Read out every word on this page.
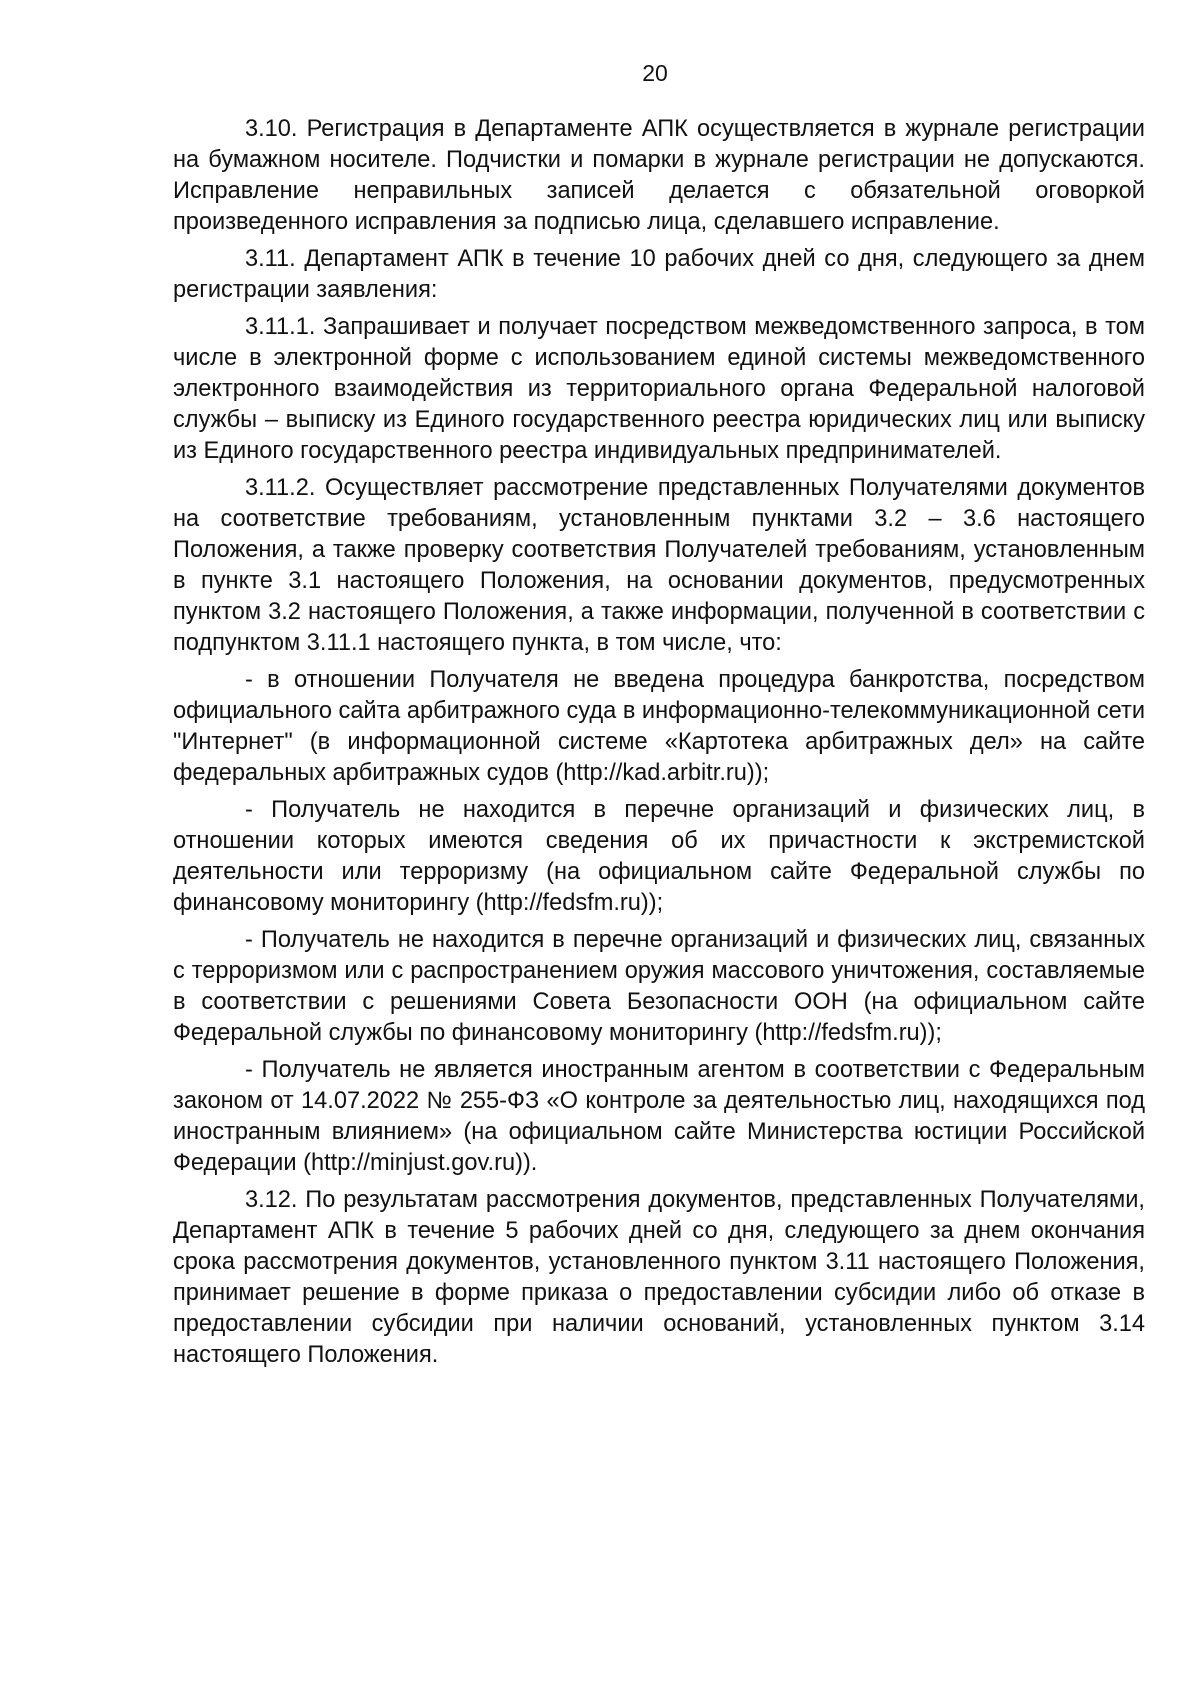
20

3.10. Регистрация в Департаменте АПК осуществляется в журнале регистрации на бумажном носителе. Подчистки и помарки в журнале регистрации не допускаются. Исправление неправильных записей делается с обязательной оговоркой произведенного исправления за подписью лица, сделавшего исправление.

3.11. Департамент АПК в течение 10 рабочих дней со дня, следующего за днем регистрации заявления:

3.11.1. Запрашивает и получает посредством межведомственного запроса, в том числе в электронной форме с использованием единой системы межведомственного электронного взаимодействия из территориального органа Федеральной налоговой службы – выписку из Единого государственного реестра юридических лиц или выписку из Единого государственного реестра индивидуальных предпринимателей.

3.11.2. Осуществляет рассмотрение представленных Получателями документов на соответствие требованиям, установленным пунктами 3.2 – 3.6 настоящего Положения, а также проверку соответствия Получателей требованиям, установленным в пункте 3.1 настоящего Положения, на основании документов, предусмотренных пунктом 3.2 настоящего Положения, а также информации, полученной в соответствии с подпунктом 3.11.1 настоящего пункта, в том числе, что:

- в отношении Получателя не введена процедура банкротства, посредством официального сайта арбитражного суда в информационно-телекоммуникационной сети "Интернет" (в информационной системе «Картотека арбитражных дел» на сайте федеральных арбитражных судов (http://kad.arbitr.ru));

- Получатель не находится в перечне организаций и физических лиц, в отношении которых имеются сведения об их причастности к экстремистской деятельности или терроризму (на официальном сайте Федеральной службы по финансовому мониторингу (http://fedsfm.ru));

- Получатель не находится в перечне организаций и физических лиц, связанных с терроризмом или с распространением оружия массового уничтожения, составляемые в соответствии с решениями Совета Безопасности ООН (на официальном сайте Федеральной службы по финансовому мониторингу (http://fedsfm.ru));

- Получатель не является иностранным агентом в соответствии с Федеральным законом от 14.07.2022 № 255-ФЗ «О контроле за деятельностью лиц, находящихся под иностранным влиянием» (на официальном сайте Министерства юстиции Российской Федерации (http://minjust.gov.ru)).

3.12. По результатам рассмотрения документов, представленных Получателями, Департамент АПК в течение 5 рабочих дней со дня, следующего за днем окончания срока рассмотрения документов, установленного пунктом 3.11 настоящего Положения, принимает решение в форме приказа о предоставлении субсидии либо об отказе в предоставлении субсидии при наличии оснований, установленных пунктом 3.14 настоящего Положения.
